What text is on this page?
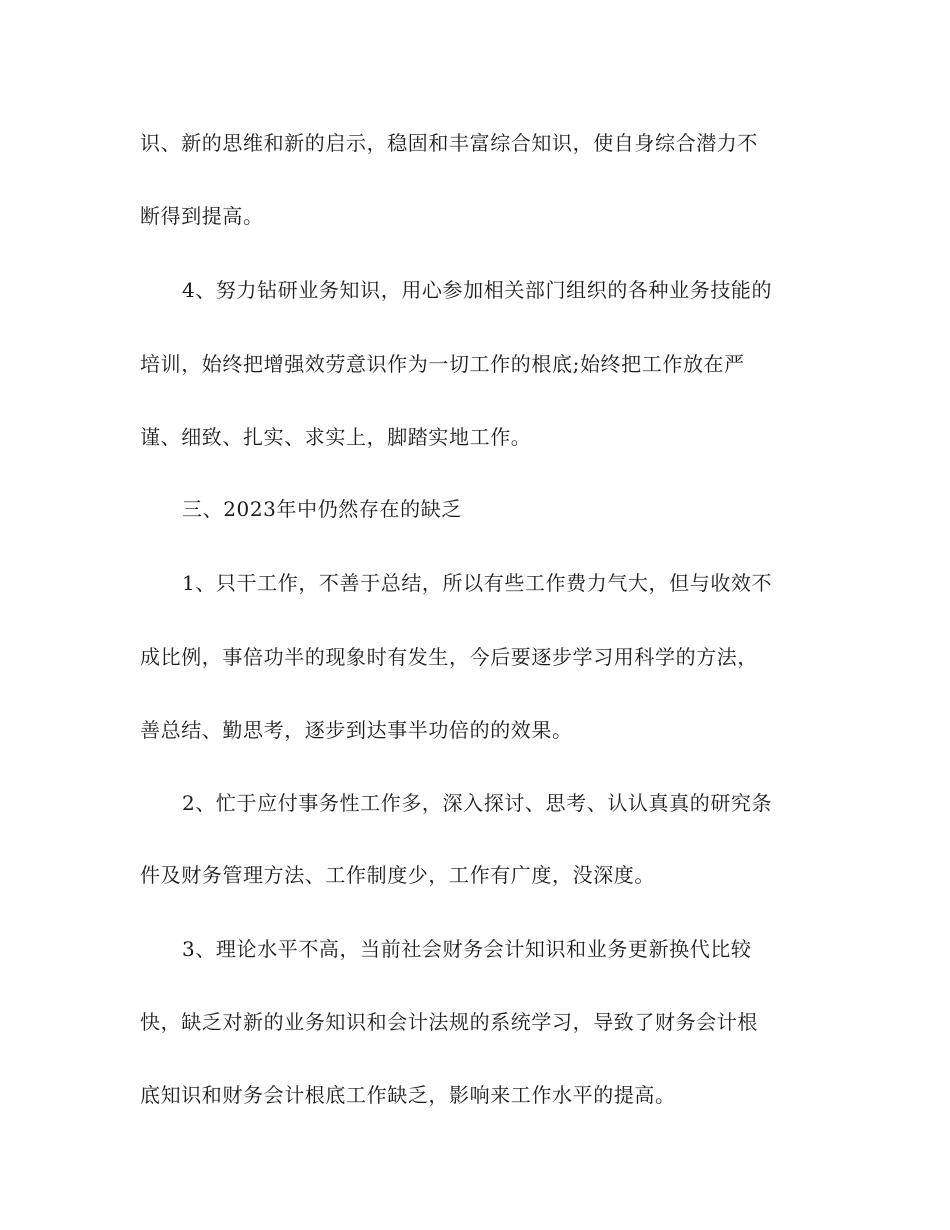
识、新的思维和新的启示，稳固和丰富综合知识，使自身综合潜力不
断得到提高。
4、努力钻研业务知识，用心参加相关部门组织的各种业务技能的
培训，始终把增强效劳意识作为一切工作的根底;始终把工作放在严
谨、细致、扎实、求实上，脚踏实地工作。
三、2023年中仍然存在的缺乏
1、只干工作，不善于总结，所以有些工作费力气大，但与收效不
成比例，事倍功半的现象时有发生，今后要逐步学习用科学的方法，
善总结、勤思考，逐步到达事半功倍的的效果。
2、忙于应付事务性工作多，深入探讨、思考、认认真真的研究条
件及财务管理方法、工作制度少，工作有广度，没深度。
3、理论水平不高，当前社会财务会计知识和业务更新换代比较
快，缺乏对新的业务知识和会计法规的系统学习，导致了财务会计根
底知识和财务会计根底工作缺乏，影响来工作水平的提高。
